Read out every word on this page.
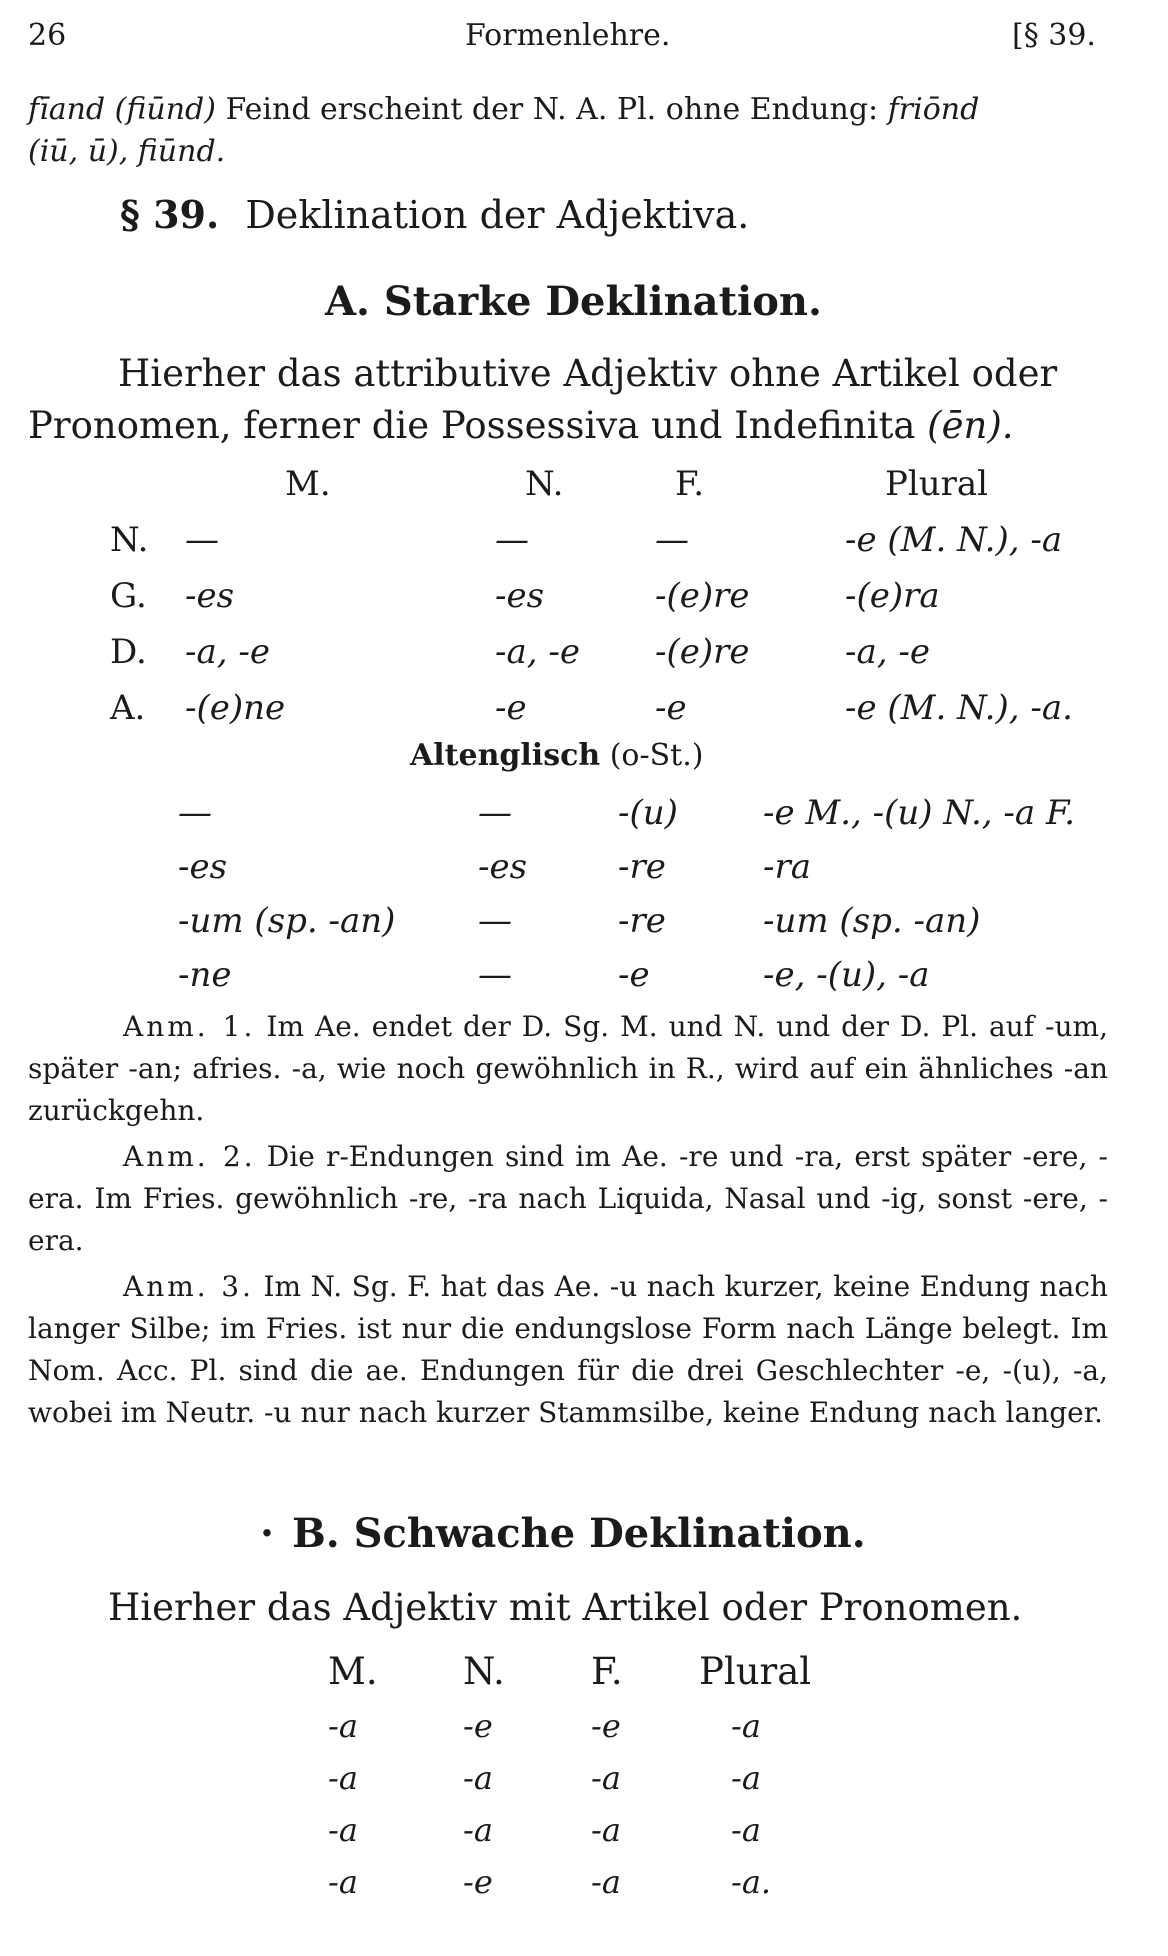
26	Formenlehre.	[§ 39.
fīand (fiūnd) Feind erscheint der N. A. Pl. ohne Endung: friōnd
(iū, ū), fiūnd.
§ 39. Deklination der Adjektiva.
A. Starke Deklination.
Hierher das attributive Adjektiv ohne Artikel oder
Pronomen, ferner die Possessiva und Indefinita (ēn).
	M.	N.	F.	Plural
N.	—	—	—	-e (M. N.), -a
G.	-es	-es	-(e)re	-(e)ra
D.	-a, -e	-a, -e	-(e)re	-a, -e
A.	-(e)ne	-e	-e	-e (M. N.), -a.
Altenglisch (o-St.)
—	—	-(u)	-e M., -(u) N., -a F.
-es	-es	-re	-ra
-um (sp. -an)	—	-re	-um (sp. -an)
-ne	—	-e	-e, -(u), -a

Anm. 1. Im Ae. endet der D. Sg. M. und N. und der D. Pl. auf -um, später -an; afries. -a, wie noch gewöhnlich in R., wird auf ein ähnliches -an zurückgehn.

Anm. 2. Die r-Endungen sind im Ae. -re und -ra, erst später -ere, -era. Im Fries. gewöhnlich -re, -ra nach Liquida, Nasal und -ig, sonst -ere, -era.

Anm. 3. Im N. Sg. F. hat das Ae. -u nach kurzer, keine Endung nach langer Silbe; im Fries. ist nur die endungslose Form nach Länge belegt. Im Nom. Acc. Pl. sind die ae. Endungen für die drei Geschlechter -e, -(u), -a, wobei im Neutr. -u nur nach kurzer Stammsilbe, keine Endung nach langer.

· B. Schwache Deklination.
Hierher das Adjektiv mit Artikel oder Pronomen.
M.	N.	F.	Plural
-a	-e	-e	-a
-a	-a	-a	-a
-a	-a	-a	-a
-a	-e	-a	-a.
